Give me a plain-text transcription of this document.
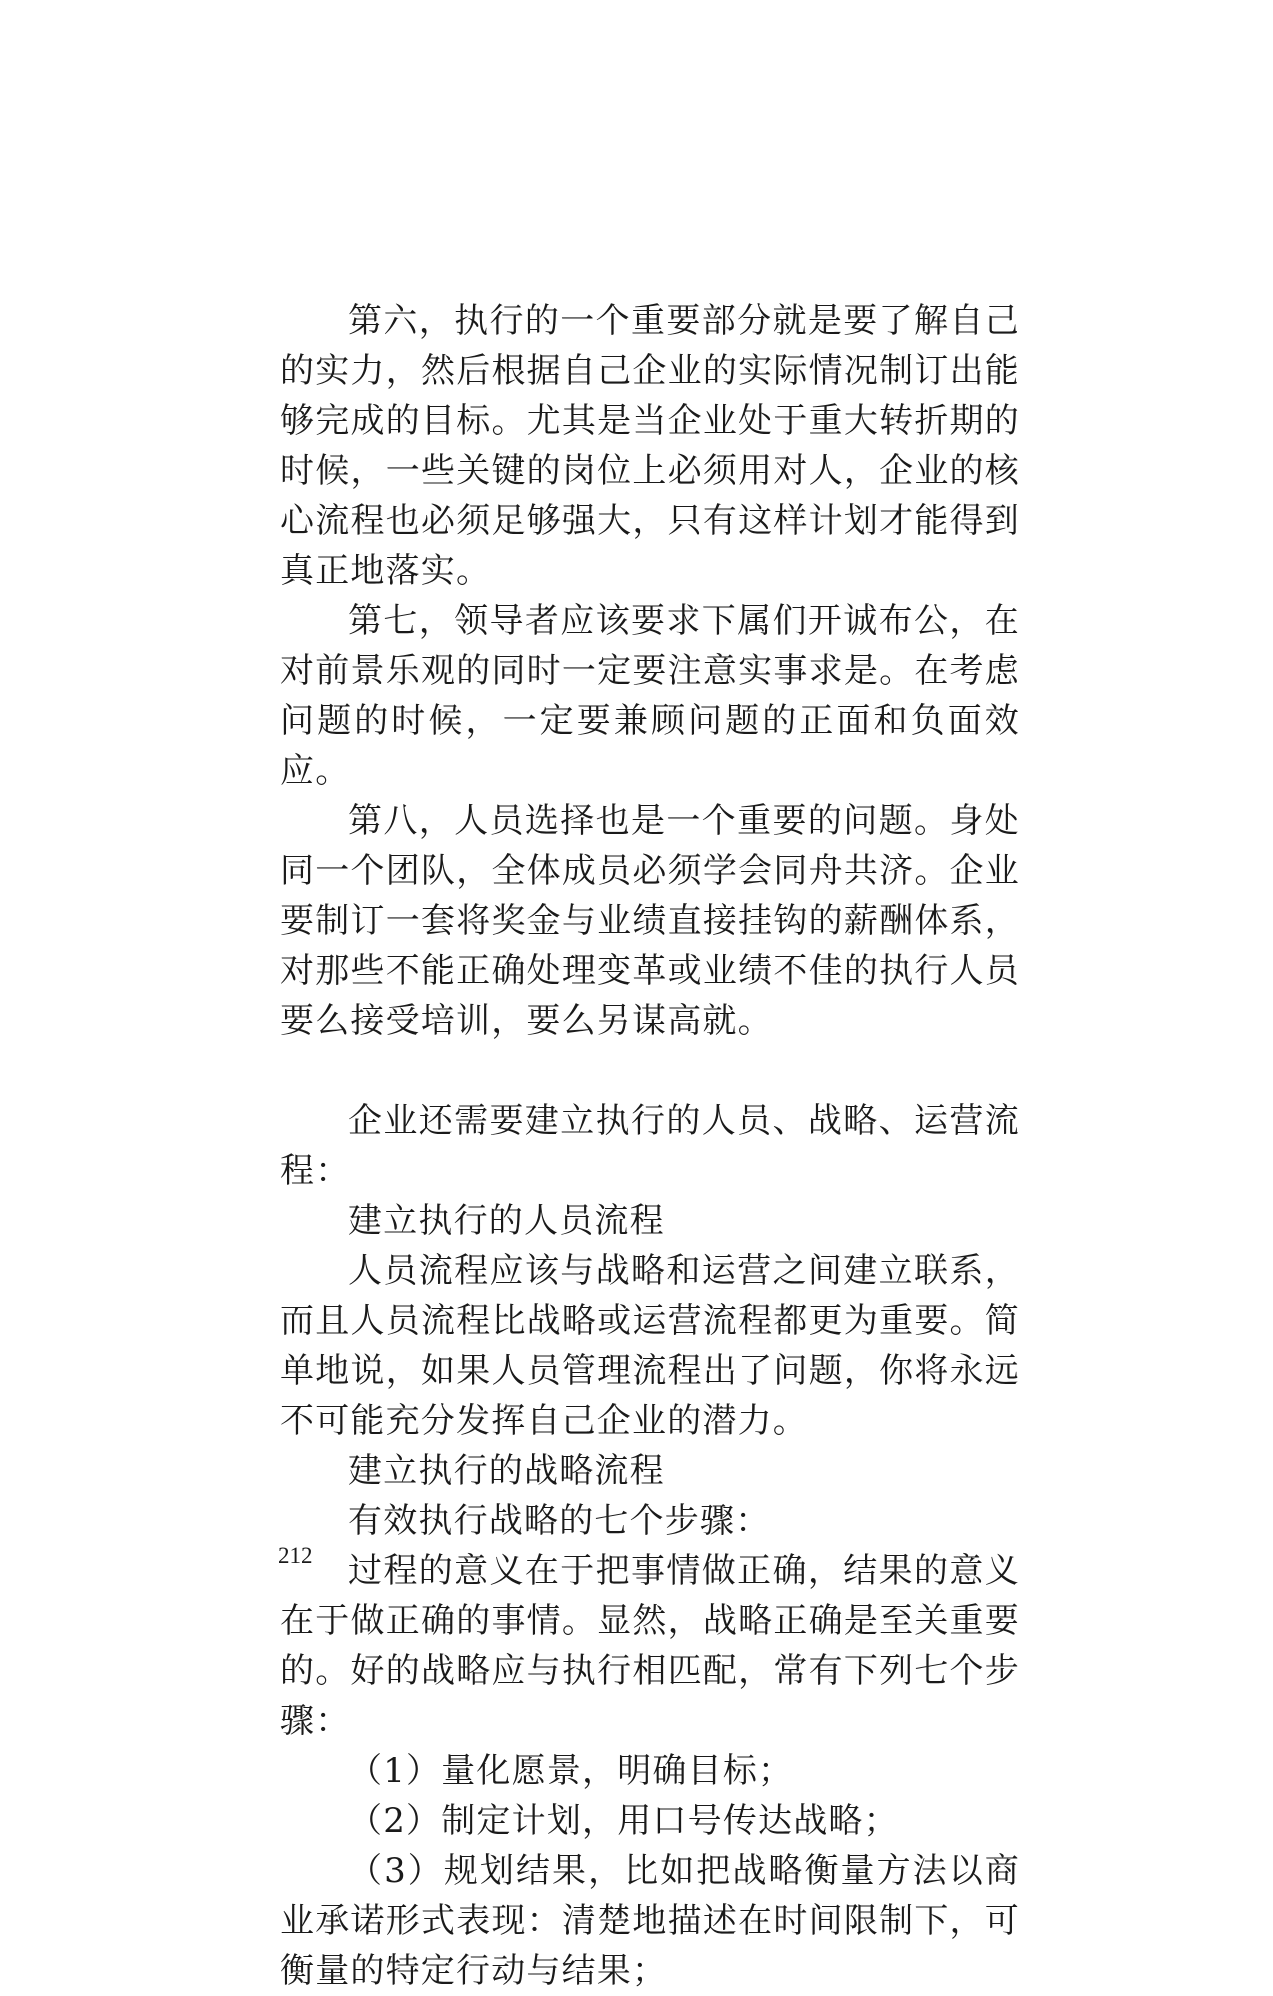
第六，执行的一个重要部分就是要了解自己的实力，然后根据自己企业的实际情况制订出能够完成的目标。尤其是当企业处于重大转折期的时候，一些关键的岗位上必须用对人，企业的核心流程也必须足够强大，只有这样计划才能得到真正地落实。

第七，领导者应该要求下属们开诚布公，在对前景乐观的同时一定要注意实事求是。在考虑问题的时候，一定要兼顾问题的正面和负面效应。

第八，人员选择也是一个重要的问题。身处同一个团队，全体成员必须学会同舟共济。企业要制订一套将奖金与业绩直接挂钩的薪酬体系，对那些不能正确处理变革或业绩不佳的执行人员要么接受培训，要么另谋高就。

企业还需要建立执行的人员、战略、运营流程：

建立执行的人员流程

人员流程应该与战略和运营之间建立联系，而且人员流程比战略或运营流程都更为重要。简单地说，如果人员管理流程出了问题，你将永远不可能充分发挥自己企业的潜力。

建立执行的战略流程

有效执行战略的七个步骤：

过程的意义在于把事情做正确，结果的意义在于做正确的事情。显然，战略正确是至关重要的。好的战略应与执行相匹配，常有下列七个步骤：

（1）量化愿景，明确目标；

（2）制定计划，用口号传达战略；

（3）规划结果，比如把战略衡量方法以商业承诺形式表现：清楚地描述在时间限制下，可衡量的特定行动与结果；

212
